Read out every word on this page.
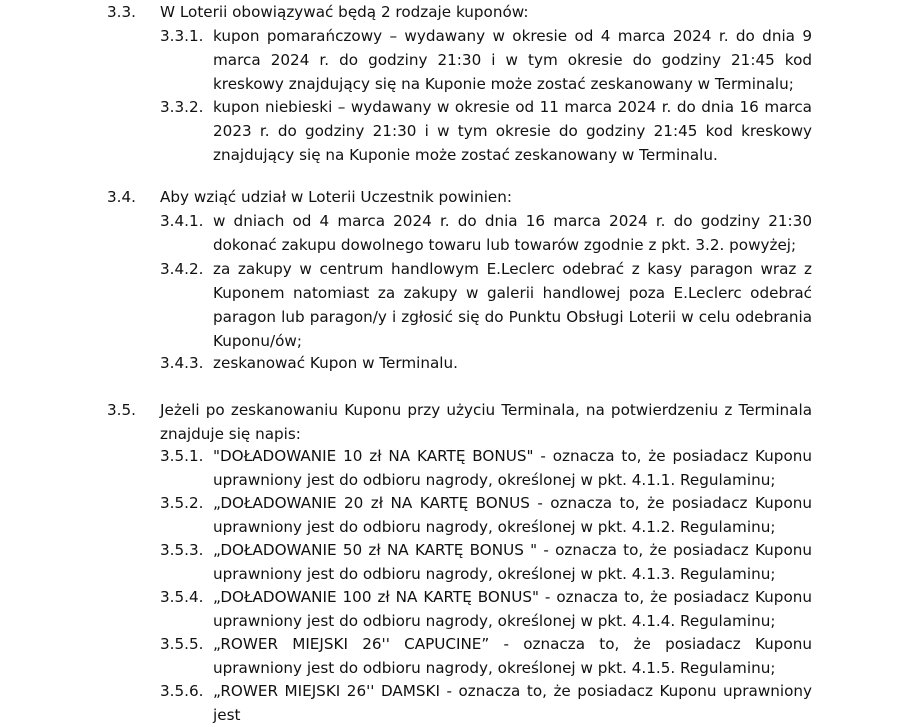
3.3. W Loterii obowiązywać będą 2 rodzaje kuponów:
3.3.1. kupon pomarańczowy – wydawany w okresie od 4 marca 2024 r. do dnia 9 marca 2024 r. do godziny 21:30 i w tym okresie do godziny 21:45 kod kreskowy znajdujący się na Kuponie może zostać zeskanowany w Terminalu;
3.3.2. kupon niebieski – wydawany w okresie od 11 marca 2024 r. do dnia 16 marca 2023 r. do godziny 21:30 i w tym okresie do godziny 21:45 kod kreskowy znajdujący się na Kuponie może zostać zeskanowany w Terminalu.
3.4. Aby wziąć udział w Loterii Uczestnik powinien:
3.4.1. w dniach od 4 marca 2024 r. do dnia 16 marca 2024 r. do godziny 21:30 dokonać zakupu dowolnego towaru lub towarów zgodnie z pkt. 3.2. powyżej;
3.4.2. za zakupy w centrum handlowym E.Leclerc odebrać z kasy paragon wraz z Kuponem natomiast za zakupy w galerii handlowej poza E.Leclerc odebrać paragon lub paragon/y i zgłosić się do Punktu Obsługi Loterii w celu odebrania Kuponu/ów;
3.4.3. zeskanować Kupon w Terminalu.
3.5. Jeżeli po zeskanowaniu Kuponu przy użyciu Terminala, na potwierdzeniu z Terminala znajduje się napis:
3.5.1. "DOŁADOWANIE 10 zł NA KARTĘ BONUS" - oznacza to, że posiadacz Kuponu uprawniony jest do odbioru nagrody, określonej w pkt. 4.1.1. Regulaminu;
3.5.2. „DOŁADOWANIE 20 zł NA KARTĘ BONUS - oznacza to, że posiadacz Kuponu uprawniony jest do odbioru nagrody, określonej w pkt. 4.1.2. Regulaminu;
3.5.3. „DOŁADOWANIE 50 zł NA KARTĘ BONUS " - oznacza to, że posiadacz Kuponu uprawniony jest do odbioru nagrody, określonej w pkt. 4.1.3. Regulaminu;
3.5.4. „DOŁADOWANIE 100 zł NA KARTĘ BONUS" - oznacza to, że posiadacz Kuponu uprawniony jest do odbioru nagrody, określonej w pkt. 4.1.4. Regulaminu;
3.5.5. „ROWER MIEJSKI 26'' CAPUCINE” - oznacza to, że posiadacz Kuponu uprawniony jest do odbioru nagrody, określonej w pkt. 4.1.5. Regulaminu;
3.5.6. „ROWER MIEJSKI 26'' DAMSKI - oznacza to, że posiadacz Kuponu uprawniony jest
